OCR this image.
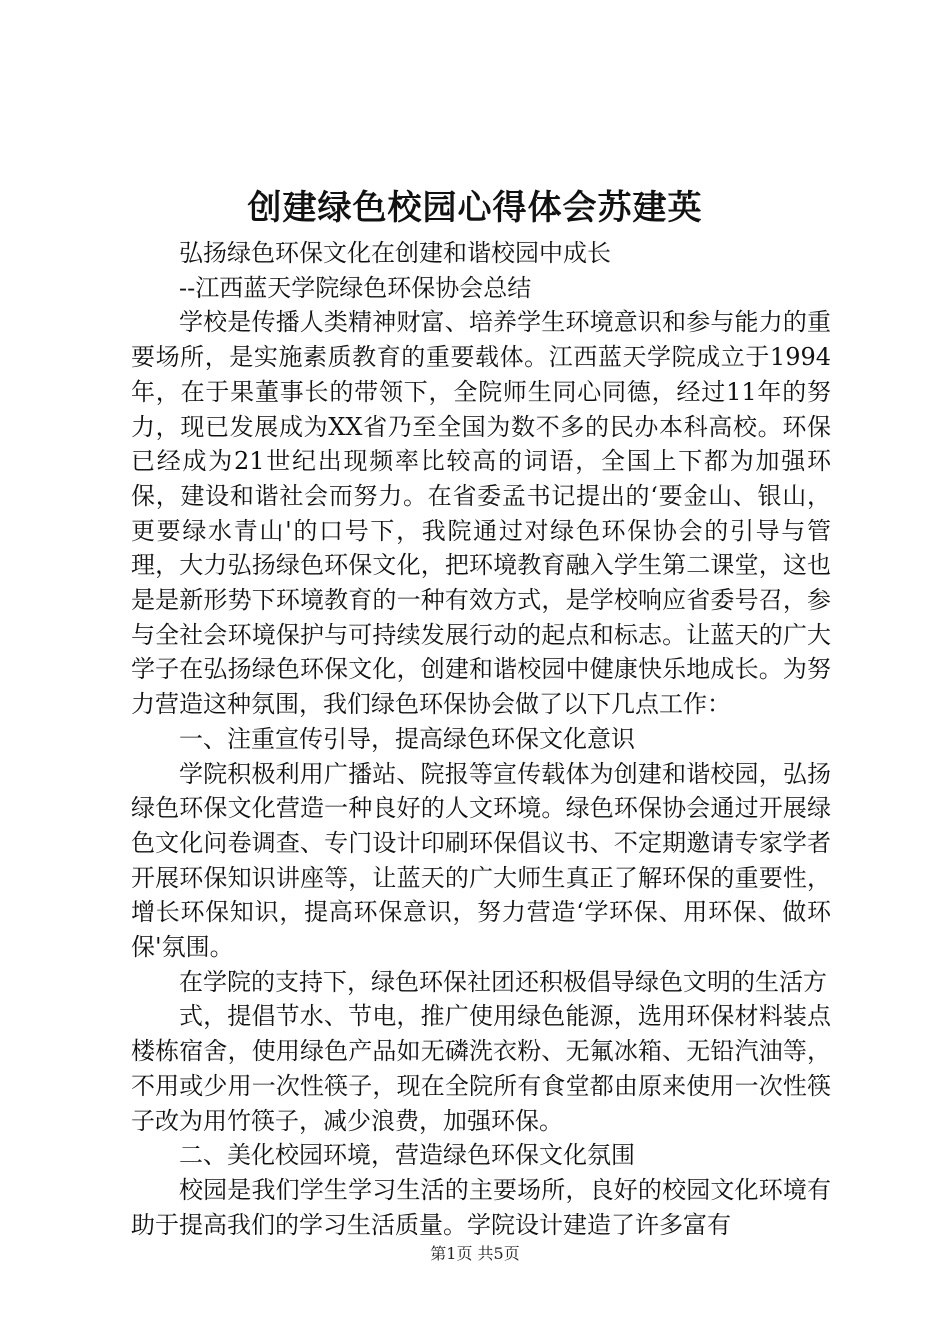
创建绿色校园心得体会苏建英

弘扬绿色环保文化在创建和谐校园中成长

--江西蓝天学院绿色环保协会总结

学校是传播人类精神财富、培养学生环境意识和参与能力的重要场所，是实施素质教育的重要载体。江西蓝天学院成立于1994年，在于果董事长的带领下，全院师生同心同德，经过11年的努力，现已发展成为XX省乃至全国为数不多的民办本科高校。环保已经成为21世纪出现频率比较高的词语，全国上下都为加强环保，建设和谐社会而努力。在省委孟书记提出的‘要金山、银山，更要绿水青山'的口号下，我院通过对绿色环保协会的引导与管理，大力弘扬绿色环保文化，把环境教育融入学生第二课堂，这也是是新形势下环境教育的一种有效方式，是学校响应省委号召，参与全社会环境保护与可持续发展行动的起点和标志。让蓝天的广大学子在弘扬绿色环保文化，创建和谐校园中健康快乐地成长。为努力营造这种氛围，我们绿色环保协会做了以下几点工作：

一、注重宣传引导，提高绿色环保文化意识

学院积极利用广播站、院报等宣传载体为创建和谐校园，弘扬绿色环保文化营造一种良好的人文环境。绿色环保协会通过开展绿色文化问卷调查、专门设计印刷环保倡议书、不定期邀请专家学者开展环保知识讲座等，让蓝天的广大师生真正了解环保的重要性，增长环保知识，提高环保意识，努力营造‘学环保、用环保、做环保'氛围。

在学院的支持下，绿色环保社团还积极倡导绿色文明的生活方

式，提倡节水、节电，推广使用绿色能源，选用环保材料装点楼栋宿舍，使用绿色产品如无磷洗衣粉、无氟冰箱、无铅汽油等，不用或少用一次性筷子，现在全院所有食堂都由原来使用一次性筷子改为用竹筷子，减少浪费，加强环保。

二、美化校园环境，营造绿色环保文化氛围

校园是我们学生学习生活的主要场所，良好的校园文化环境有助于提高我们的学习生活质量。学院设计建造了许多富有

第1页 共5页
